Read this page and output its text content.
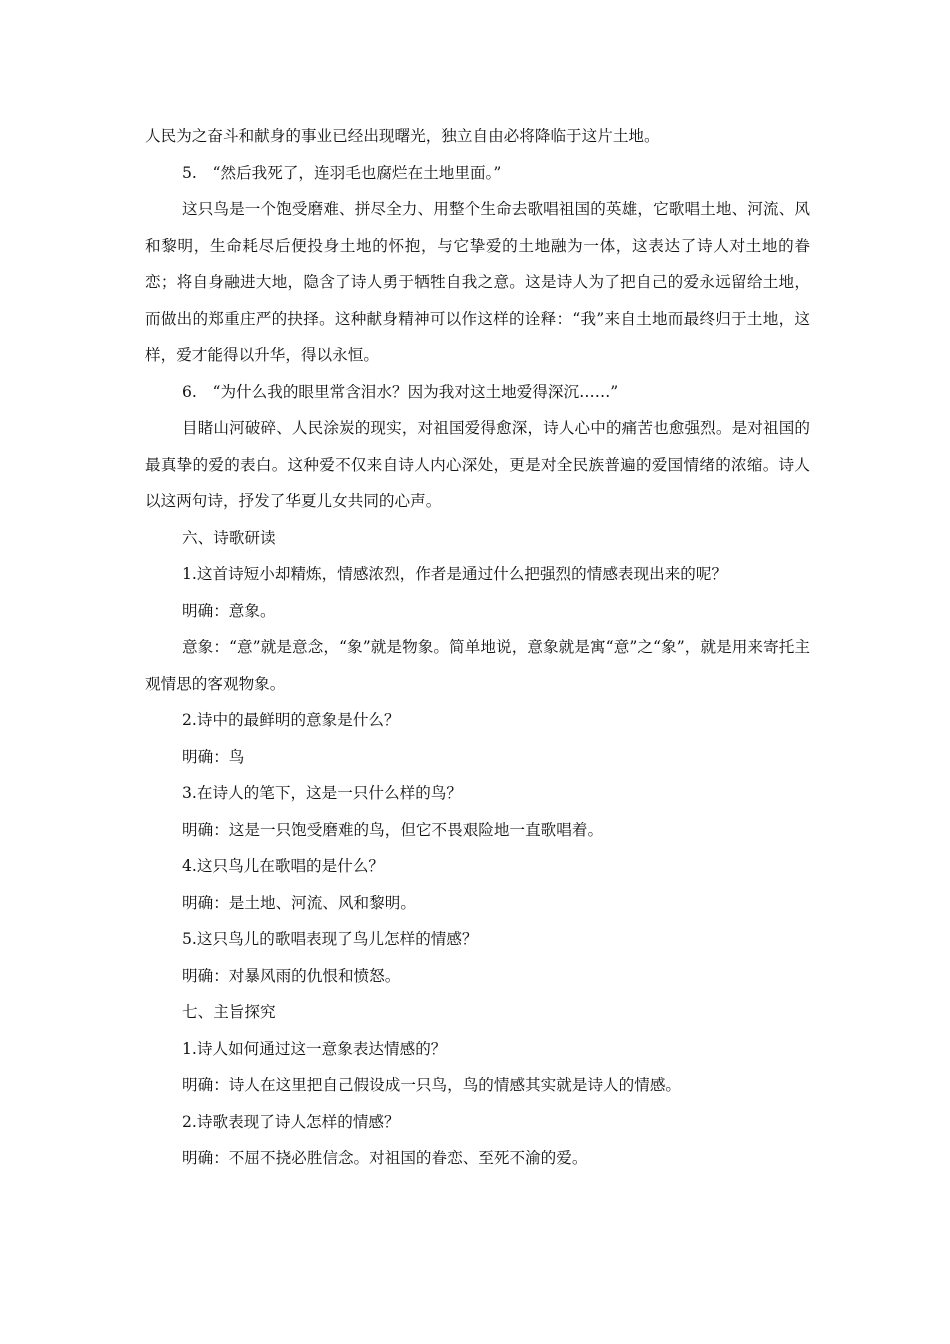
人民为之奋斗和献身的事业已经出现曙光，独立自由必将降临于这片土地。

5.　“然后我死了，连羽毛也腐烂在土地里面。”

这只鸟是一个饱受磨难、拼尽全力、用整个生命去歌唱祖国的英雄，它歌唱土地、河流、风和黎明，生命耗尽后便投身土地的怀抱，与它挚爱的土地融为一体，这表达了诗人对土地的眷恋；将自身融进大地，隐含了诗人勇于牺牲自我之意。这是诗人为了把自己的爱永远留给土地，而做出的郑重庄严的抉择。这种献身精神可以作这样的诠释：“我”来自土地而最终归于土地，这样，爱才能得以升华，得以永恒。

6.　“为什么我的眼里常含泪水？因为我对这土地爱得深沉……”

目睹山河破碎、人民涂炭的现实，对祖国爱得愈深，诗人心中的痛苦也愈强烈。是对祖国的最真挚的爱的表白。这种爱不仅来自诗人内心深处，更是对全民族普遍的爱国情绪的浓缩。诗人以这两句诗，抒发了华夏儿女共同的心声。

六、诗歌研读

1.这首诗短小却精炼，情感浓烈，作者是通过什么把强烈的情感表现出来的呢？

明确：意象。

意象：“意”就是意念，“象”就是物象。简单地说，意象就是寓“意”之“象”，就是用来寄托主观情思的客观物象。

2.诗中的最鲜明的意象是什么？

明确：鸟

3.在诗人的笔下，这是一只什么样的鸟？

明确：这是一只饱受磨难的鸟，但它不畏艰险地一直歌唱着。

4.这只鸟儿在歌唱的是什么？

明确：是土地、河流、风和黎明。

5.这只鸟儿的歌唱表现了鸟儿怎样的情感？

明确：对暴风雨的仇恨和愤怒。

七、主旨探究

1.诗人如何通过这一意象表达情感的？

明确：诗人在这里把自己假设成一只鸟，鸟的情感其实就是诗人的情感。

2.诗歌表现了诗人怎样的情感？

明确：不屈不挠必胜信念。对祖国的眷恋、至死不渝的爱。
